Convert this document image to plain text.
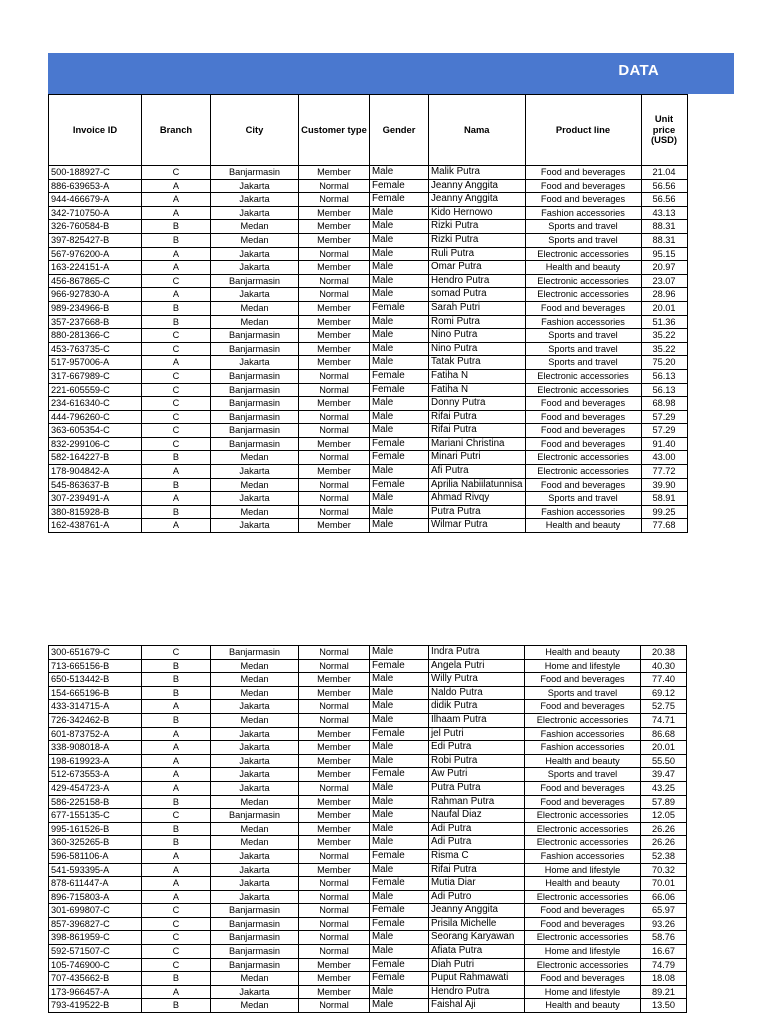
DATA
Invoice ID	Branch	City	Customer type	Gender	Nama	Product line	Unit price (USD)
500-188927-C	C	Banjarmasin	Member	Male	Malik Putra	Food and beverages	21.04
886-639653-A	A	Jakarta	Normal	Female	Jeanny Anggita	Food and beverages	56.56
944-466679-A	A	Jakarta	Normal	Female	Jeanny Anggita	Food and beverages	56.56
342-710750-A	A	Jakarta	Member	Male	Kido Hernowo	Fashion accessories	43.13
326-760584-B	B	Medan	Member	Male	Rizki Putra	Sports and travel	88.31
397-825427-B	B	Medan	Member	Male	Rizki Putra	Sports and travel	88.31
567-976200-A	A	Jakarta	Normal	Male	Ruli Putra	Electronic accessories	95.15
163-224151-A	A	Jakarta	Member	Male	Omar Putra	Health and beauty	20.97
456-867865-C	C	Banjarmasin	Normal	Male	Hendro Putra	Electronic accessories	23.07
966-927830-A	A	Jakarta	Normal	Male	somad Putra	Electronic accessories	28.96
989-234966-B	B	Medan	Member	Female	Sarah Putri	Food and beverages	20.01
357-237668-B	B	Medan	Member	Male	Romi Putra	Fashion accessories	51.36
880-281366-C	C	Banjarmasin	Member	Male	Nino Putra	Sports and travel	35.22
453-763735-C	C	Banjarmasin	Member	Male	Nino Putra	Sports and travel	35.22
517-957006-A	A	Jakarta	Member	Male	Tatak Putra	Sports and travel	75.20
317-667989-C	C	Banjarmasin	Normal	Female	Fatiha N	Electronic accessories	56.13
221-605559-C	C	Banjarmasin	Normal	Female	Fatiha N	Electronic accessories	56.13
234-616340-C	C	Banjarmasin	Member	Male	Donny Putra	Food and beverages	68.98
444-796260-C	C	Banjarmasin	Normal	Male	Rifai Putra	Food and beverages	57.29
363-605354-C	C	Banjarmasin	Normal	Male	Rifai Putra	Food and beverages	57.29
832-299106-C	C	Banjarmasin	Member	Female	Mariani Christina	Food and beverages	91.40
582-164227-B	B	Medan	Normal	Female	Minari Putri	Electronic accessories	43.00
178-904842-A	A	Jakarta	Member	Male	Afi Putra	Electronic accessories	77.72
545-863637-B	B	Medan	Normal	Female	Aprilia Nabiilatunnisa	Food and beverages	39.90
307-239491-A	A	Jakarta	Normal	Male	Ahmad Rivqy	Sports and travel	58.91
380-815928-B	B	Medan	Normal	Male	Putra Putra	Fashion accessories	99.25
162-438761-A	A	Jakarta	Member	Male	Wilmar Putra	Health and beauty	77.68
300-651679-C	C	Banjarmasin	Normal	Male	Indra Putra	Health and beauty	20.38
713-665156-B	B	Medan	Normal	Female	Angela Putri	Home and lifestyle	40.30
650-513442-B	B	Medan	Member	Male	Willy Putra	Food and beverages	77.40
154-665196-B	B	Medan	Member	Male	Naldo Putra	Sports and travel	69.12
433-314715-A	A	Jakarta	Normal	Male	didik Putra	Food and beverages	52.75
726-342462-B	B	Medan	Normal	Male	Ilhaam Putra	Electronic accessories	74.71
601-873752-A	A	Jakarta	Member	Female	jel Putri	Fashion accessories	86.68
338-908018-A	A	Jakarta	Member	Male	Edi Putra	Fashion accessories	20.01
198-619923-A	A	Jakarta	Member	Male	Robi Putra	Health and beauty	55.50
512-673553-A	A	Jakarta	Member	Female	Aw Putri	Sports and travel	39.47
429-454723-A	A	Jakarta	Normal	Male	Putra Putra	Food and beverages	43.25
586-225158-B	B	Medan	Member	Male	Rahman Putra	Food and beverages	57.89
677-155135-C	C	Banjarmasin	Member	Male	Naufal Diaz	Electronic accessories	12.05
995-161526-B	B	Medan	Member	Male	Adi Putra	Electronic accessories	26.26
360-325265-B	B	Medan	Member	Male	Adi Putra	Electronic accessories	26.26
596-581106-A	A	Jakarta	Normal	Female	Risma C	Fashion accessories	52.38
541-593395-A	A	Jakarta	Member	Male	Rifai Putra	Home and lifestyle	70.32
878-611447-A	A	Jakarta	Normal	Female	Mutia Diar	Health and beauty	70.01
896-715803-A	A	Jakarta	Normal	Male	Adi Putro	Electronic accessories	66.06
301-699807-C	C	Banjarmasin	Normal	Female	Jeanny Anggita	Food and beverages	65.97
857-396827-C	C	Banjarmasin	Normal	Female	Prisila Michelle	Food and beverages	93.26
398-861959-C	C	Banjarmasin	Normal	Male	Seorang Karyawan	Electronic accessories	58.76
592-571507-C	C	Banjarmasin	Normal	Male	Afiata Putra	Home and lifestyle	16.67
105-746900-C	C	Banjarmasin	Member	Female	Diah Putri	Electronic accessories	74.79
707-435662-B	B	Medan	Member	Female	Puput Rahmawati	Food and beverages	18.08
173-966457-A	A	Jakarta	Member	Male	Hendro Putra	Home and lifestyle	89.21
793-419522-B	B	Medan	Normal	Male	Faishal Aji	Health and beauty	13.50
